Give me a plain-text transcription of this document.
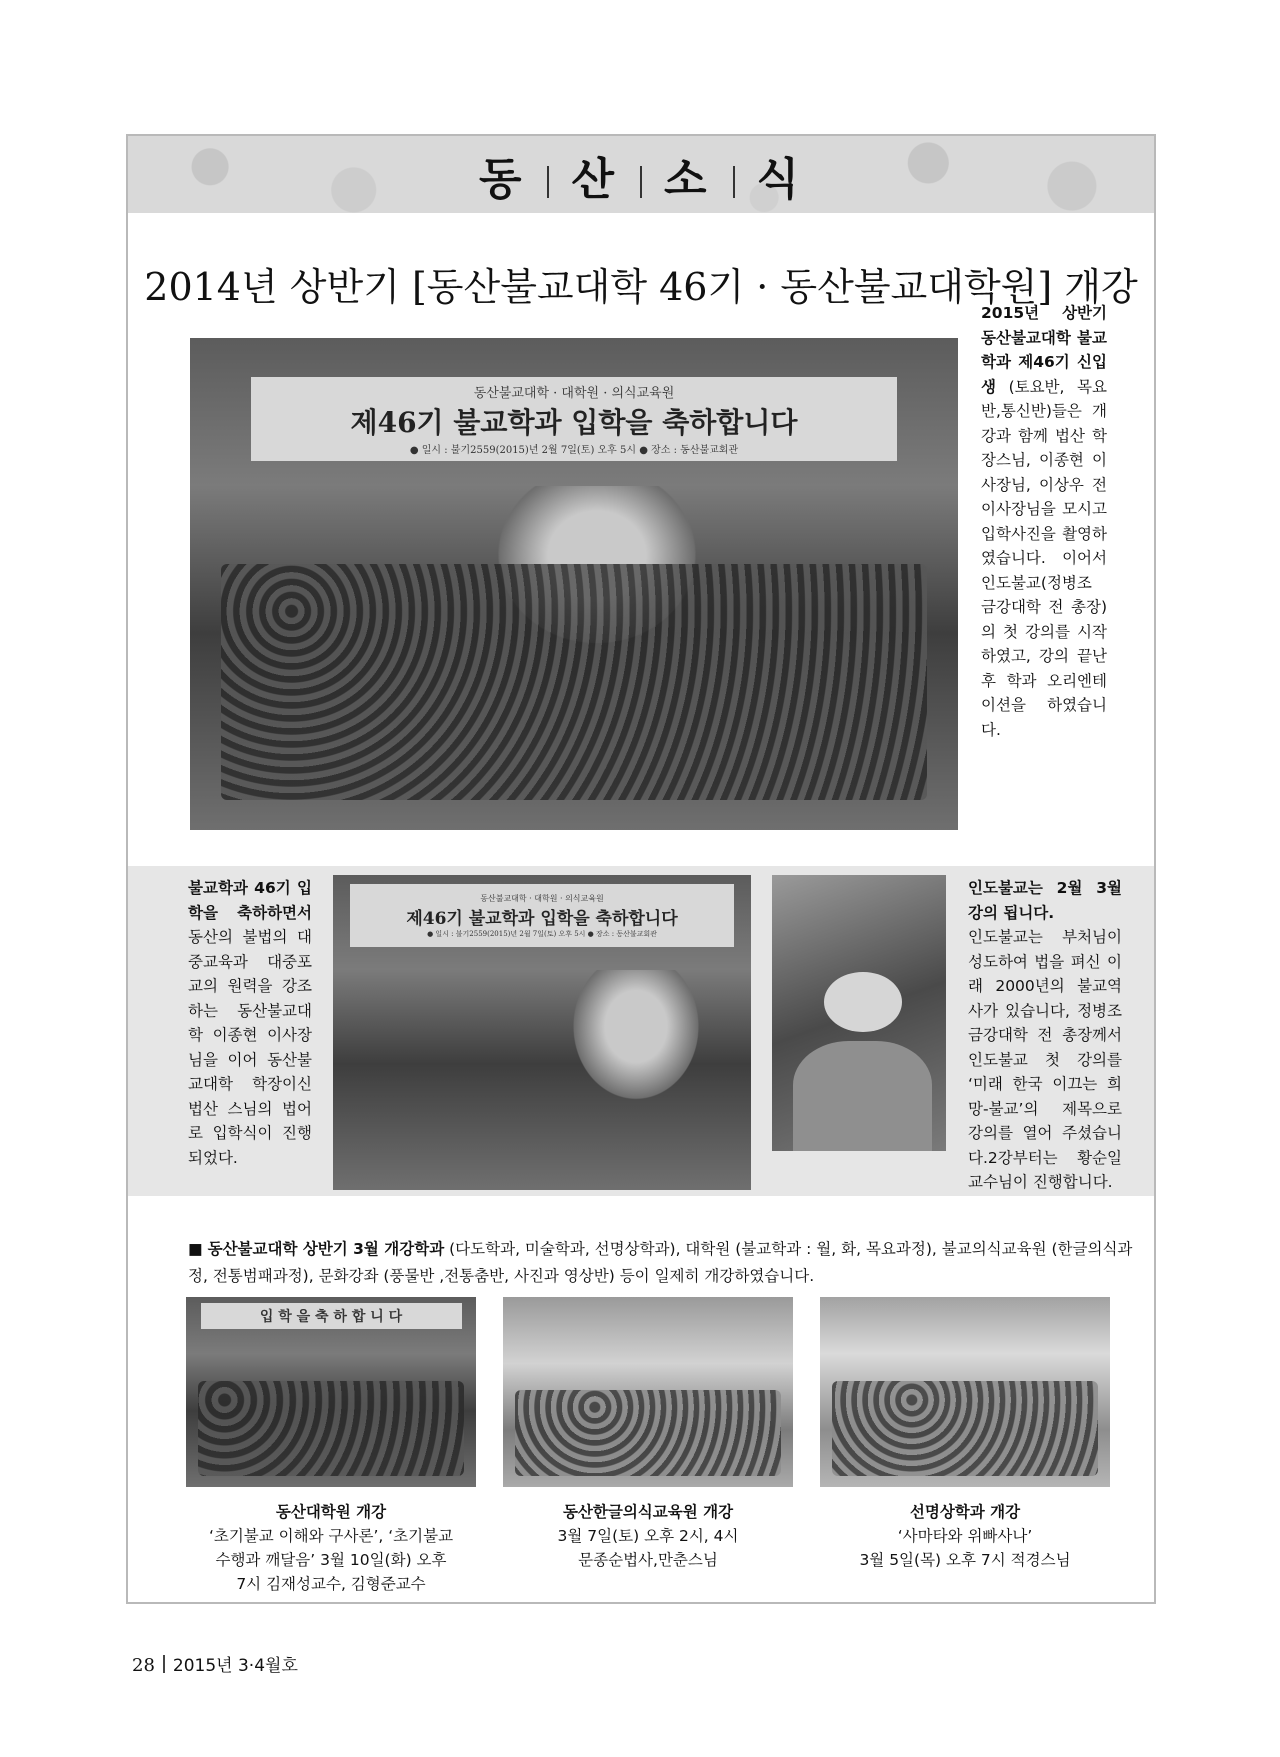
동 산 소 식
2014년 상반기 [동산불교대학 46기 · 동산불교대학원] 개강
동산불교대학 · 대학원 · 의식교육원
제46기 불교학과 입학을 축하합니다
● 일시 : 불기2559(2015)년 2월 7일(토) 오후 5시 ● 장소 : 동산불교회관
2015년 상반기 동산불교대학 불교학과 제46기 신입생 (토요반, 목요반,통신반)들은 개강과 함께 법산 학장스님, 이종현 이사장님, 이상우 전 이사장님을 모시고 입학사진을 촬영하였습니다. 이어서 인도불교(정병조 금강대학 전 총장)의 첫 강의를 시작하였고, 강의 끝난 후 학과 오리엔테이션을 하였습니다.
불교학과 46기 입학을 축하하면서 동산의 불법의 대중교육과 대중포교의 원력을 강조하는 동산불교대학 이종현 이사장님을 이어 동산불교대학 학장이신 법산 스님의 법어로 입학식이 진행되었다.
동산불교대학 · 대학원 · 의식교육원
제46기 불교학과 입학을 축하합니다
● 일시 : 불기2559(2015)년 2월 7일(토) 오후 5시 ● 장소 : 동산불교회관
인도불교는 2월 3월 강의 됩니다.
인도불교는 부처님이 성도하여 법을 펴신 이래 2000년의 불교역사가 있습니다, 정병조 금강대학 전 총장께서 인도불교 첫 강의를 ‘미래 한국 이끄는 희망-불교’의 제목으로 강의를 열어 주셨습니다.2강부터는 황순일 교수님이 진행합니다.
■ 동산불교대학 상반기 3월 개강학과 (다도학과, 미술학과, 선명상학과), 대학원 (불교학과 : 월, 화, 목요과정), 불교의식교육원 (한글의식과정, 전통범패과정), 문화강좌 (풍물반 ,전통춤반, 사진과 영상반) 등이 일제히 개강하였습니다.
입 학 을 축 하 합 니 다
동산대학원 개강
‘초기불교 이해와 구사론’, ‘초기불교
수행과 깨달음’ 3월 10일(화) 오후
7시 김재성교수, 김형준교수
동산한글의식교육원 개강
3월 7일(토) 오후 2시, 4시
문종순법사,만춘스님
선명상학과 개강
‘사마타와 위빠사나’
3월 5일(목) 오후 7시 적경스님
28 2015년 3·4월호
